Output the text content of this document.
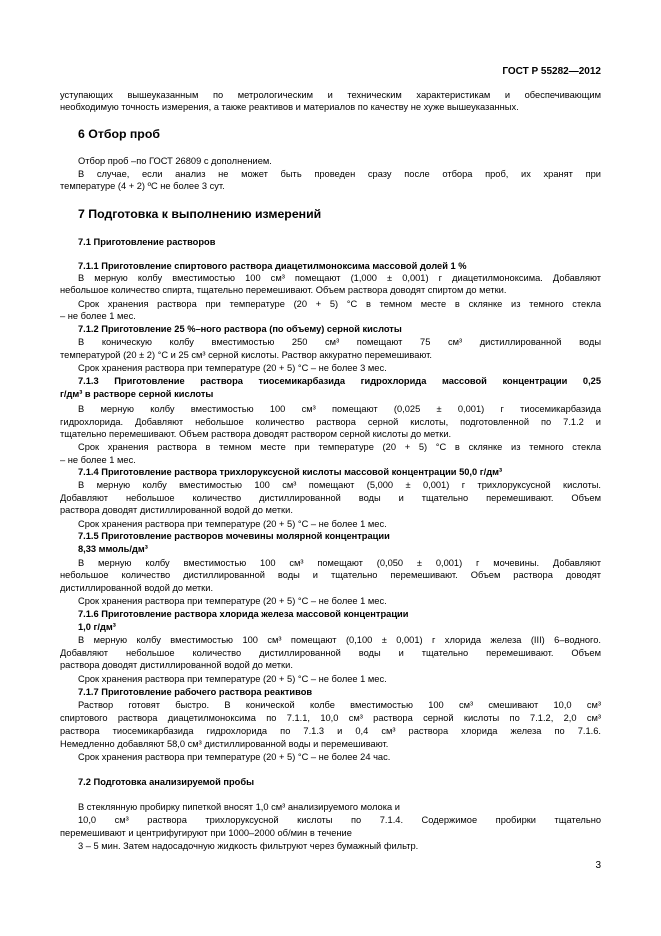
ГОСТ Р 55282—2012
уступающих вышеуказанным по метрологическим и техническим характеристикам и обеспечивающим
необходимую точность измерения, а также реактивов и материалов по качеству не хуже вышеуказанных.
6 Отбор проб
Отбор проб –по ГОСТ 26809 с дополнением.
В случае, если анализ не может быть проведен сразу после отбора проб, их хранят при
температуре (4 + 2) ºС не более 3 сут.
7 Подготовка к выполнению измерений
7.1 Приготовление растворов
7.1.1 Приготовление спиртового раствора диацетилмоноксима массовой долей 1 %
В мерную колбу вместимостью 100 см³ помещают (1,000 ± 0,001) г диацетилмоноксима. Добавляют
небольшое количество спирта, тщательно перемешивают. Объем раствора доводят спиртом до метки.
Срок хранения раствора при температуре (20 + 5) °С в темном месте в склянке из темного стекла
– не более 1 мес.
7.1.2 Приготовление 25 %–ного раствора (по объему) серной кислоты
В коническую колбу вместимостью 250 см³ помещают 75 см³ дистиллированной воды
температурой (20 ± 2) °С и 25 см³ серной кислоты. Раствор аккуратно перемешивают.
Срок хранения раствора при температуре (20 + 5) °С – не более 3 мес.
7.1.3 Приготовление раствора тиосемикарбазида гидрохлорида массовой концентрации 0,25
г/дм³ в растворе серной кислоты
В мерную колбу вместимостью 100 см³ помещают (0,025 ± 0,001) г тиосемикарбазида
гидрохлорида. Добавляют небольшое количество раствора серной кислоты, подготовленной по 7.1.2 и
тщательно перемешивают. Объем раствора доводят раствором серной кислоты до метки.
Срок хранения раствора в темном месте при температуре (20 + 5) °С в склянке из темного стекла
– не более 1 мес.
7.1.4 Приготовление раствора трихлоруксусной кислоты массовой концентрации 50,0 г/дм³
В мерную колбу вместимостью 100 см³ помещают (5,000 ± 0,001) г трихлоруксусной кислоты.
Добавляют небольшое количество дистиллированной воды и тщательно перемешивают. Объем
раствора доводят дистиллированной водой до метки.
Срок хранения раствора при температуре (20 + 5) °С – не более 1 мес.
7.1.5 Приготовление растворов мочевины молярной концентрации
8,33 ммоль/дм³
В мерную колбу вместимостью 100 см³ помещают (0,050 ± 0,001) г мочевины. Добавляют
небольшое количество дистиллированной воды и тщательно перемешивают. Объем раствора доводят
дистиллированной водой до метки.
Срок хранения раствора при температуре (20 + 5) °С – не более 1 мес.
7.1.6 Приготовление раствора хлорида железа массовой концентрации
1,0 г/дм³
В мерную колбу вместимостью 100 см³ помещают (0,100 ± 0,001) г хлорида железа (III) 6–водного.
Добавляют небольшое количество дистиллированной воды и тщательно перемешивают. Объем
раствора доводят дистиллированной водой до метки.
Срок хранения раствора при температуре (20 + 5) °С – не более 1 мес.
7.1.7 Приготовление рабочего раствора реактивов
Раствор готовят быстро. В конической колбе вместимостью 100 см³ смешивают 10,0 см³
спиртового раствора диацетилмоноксима по 7.1.1, 10,0 см³ раствора серной кислоты по 7.1.2, 2,0 см³
раствора тиосемикарбазида гидрохлорида по 7.1.3 и 0,4 см³ раствора хлорида железа по 7.1.6.
Немедленно добавляют 58,0 см³ дистиллированной воды и перемешивают.
Срок хранения раствора при температуре (20 + 5) °С – не более 24 час.
7.2 Подготовка анализируемой пробы
В стеклянную пробирку пипеткой вносят 1,0 см³ анализируемого молока и
10,0 см³ раствора трихлоруксусной кислоты по 7.1.4. Содержимое пробирки тщательно
перемешивают и центрифугируют при 1000–2000 об/мин в течение
3 – 5 мин. Затем надосадочную жидкость фильтруют через бумажный фильтр.
3
